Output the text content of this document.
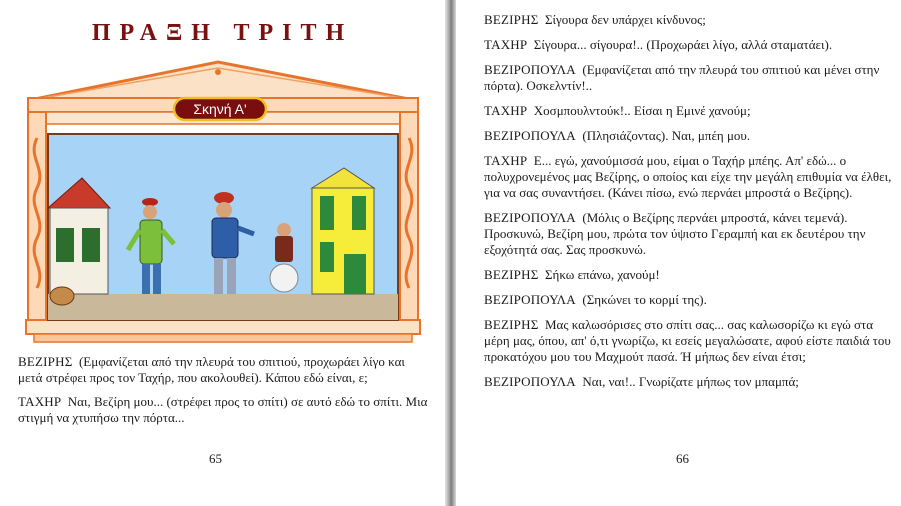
ΠΡΑΞΗ ΤΡΙΤΗ
Σκηνή Α'

ΒΕΖΙΡΗΣ (Εμφανίζεται από την πλευρά του σπιτιού, προχωράει λίγο και μετά στρέφει προς τον Ταχήρ, που ακολουθεί). Κάπου εδώ είναι, ε;

ΤΑΧΗΡ Ναι, Βεζίρη μου... (στρέφει προς το σπίτι) σε αυτό εδώ το σπίτι. Μια στιγμή να χτυπήσω την πόρτα...

65

ΒΕΖΙΡΗΣ Σίγουρα δεν υπάρχει κίνδυνος;

ΤΑΧΗΡ Σίγουρα... σίγουρα!.. (Προχωράει λίγο, αλλά σταματάει).

ΒΕΖΙΡΟΠΟΥΛΑ (Εμφανίζεται από την πλευρά του σπιτιού και μένει στην πόρτα). Οσκελντίν!..

ΤΑΧΗΡ Χοσμπουλντούκ!.. Είσαι η Εμινέ χανούμ;

ΒΕΖΙΡΟΠΟΥΛΑ (Πλησιάζοντας). Ναι, μπέη μου.

ΤΑΧΗΡ Ε... εγώ, χανούμισσά μου, είμαι ο Ταχήρ μπέης. Απ' εδώ... ο πολυχρονεμένος μας Βεζίρης, ο οποίος και είχε την μεγάλη επιθυμία να έλθει, για να σας συναντήσει. (Κάνει πίσω, ενώ περνάει μπροστά ο Βεζίρης).

ΒΕΖΙΡΟΠΟΥΛΑ (Μόλις ο Βεζίρης περνάει μπροστά, κάνει τεμενά). Προσκυνώ, Βεζίρη μου, πρώτα τον ύψιστο Γεραμπή και εκ δευτέρου την εξοχότητά σας. Σας προσκυνώ.

ΒΕΖΙΡΗΣ Σήκω επάνω, χανούμ!

ΒΕΖΙΡΟΠΟΥΛΑ (Σηκώνει το κορμί της).

ΒΕΖΙΡΗΣ Μας καλωσόρισες στο σπίτι σας... σας καλωσορίζω κι εγώ στα μέρη μας, όπου, απ' ό,τι γνωρίζω, κι εσείς μεγαλώσατε, αφού είστε παιδιά του προκατόχου μου του Μαχμούτ πασά. Ή μήπως δεν είναι έτσι;

ΒΕΖΙΡΟΠΟΥΛΑ Ναι, ναι!.. Γνωρίζατε μήπως τον μπαμπά;

66
